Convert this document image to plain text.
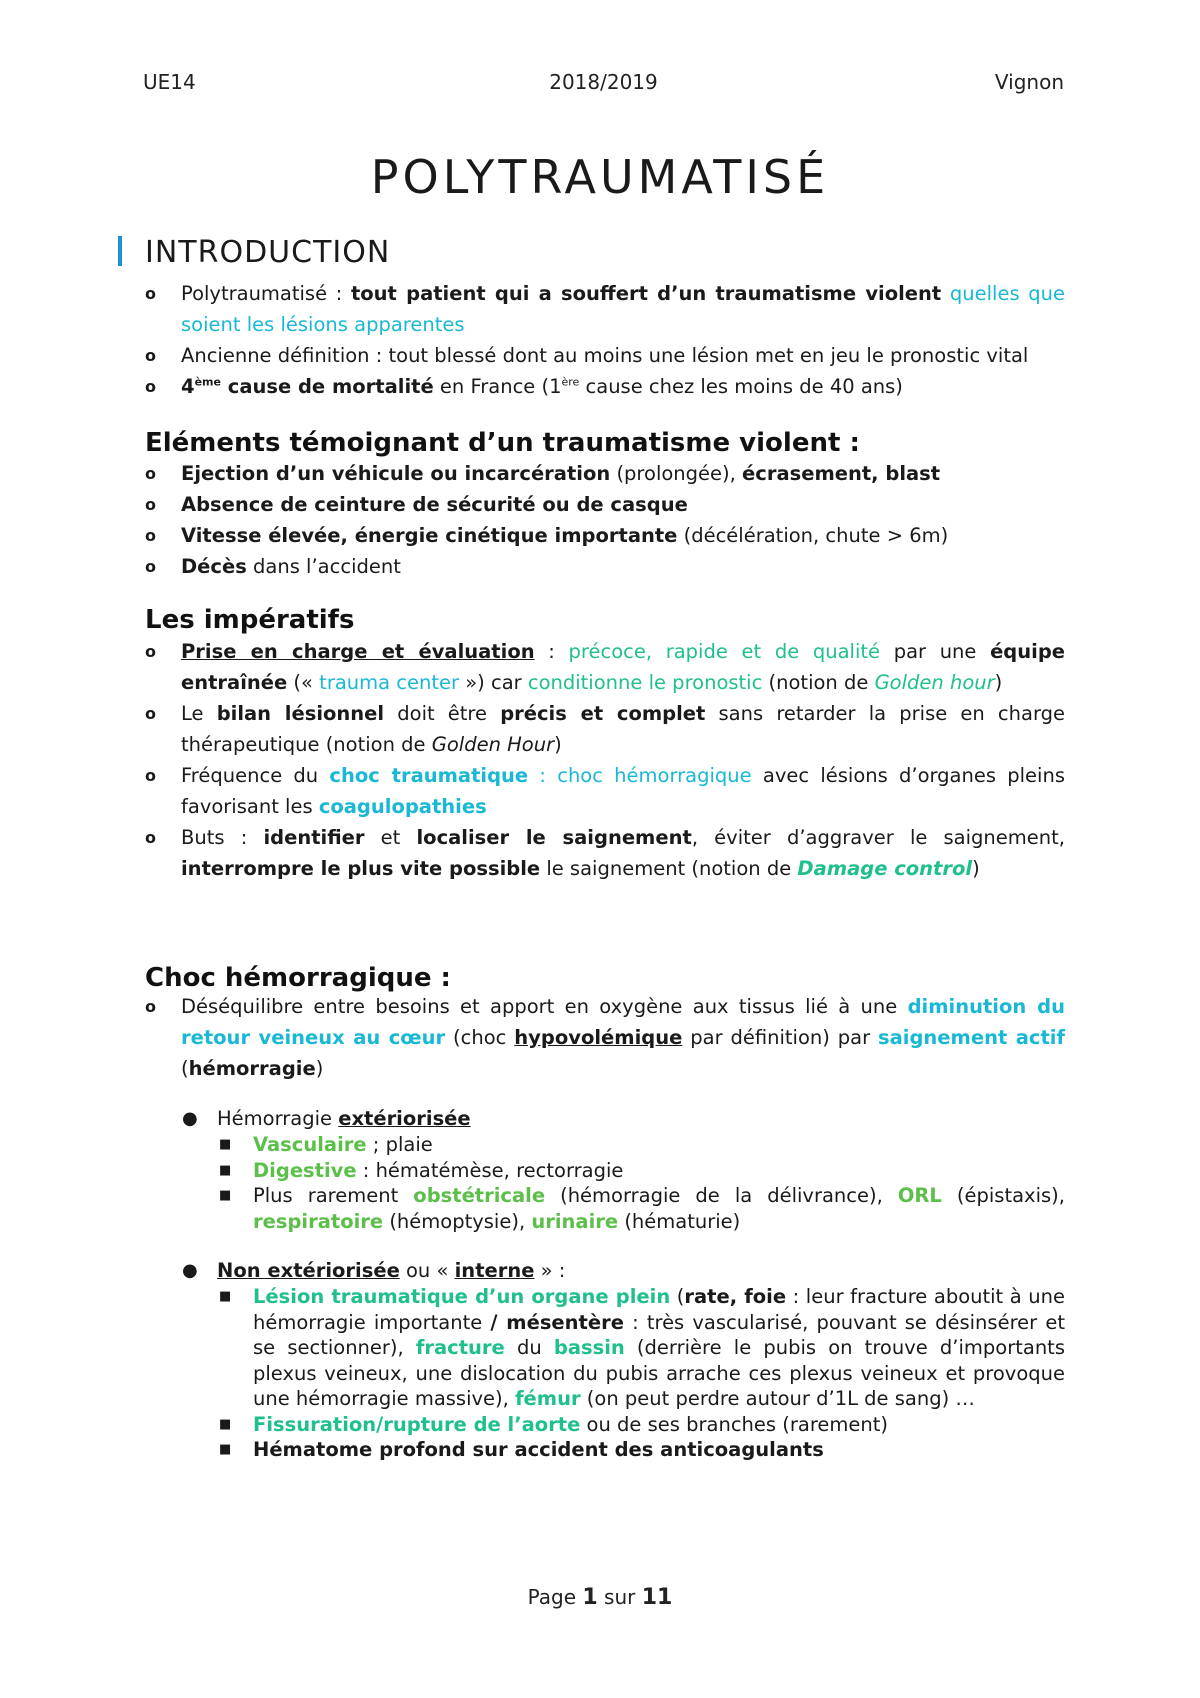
UE14	2018/2019	Vignon
POLYTRAUMATISÉ
INTRODUCTION
o Polytraumatisé : tout patient qui a souffert d’un traumatisme violent quelles que soient les lésions apparentes
o Ancienne définition : tout blessé dont au moins une lésion met en jeu le pronostic vital
o 4ème cause de mortalité en France (1ère cause chez les moins de 40 ans)
Eléments témoignant d’un traumatisme violent :
o Ejection d’un véhicule ou incarcération (prolongée), écrasement, blast
o Absence de ceinture de sécurité ou de casque
o Vitesse élevée, énergie cinétique importante (décélération, chute > 6m)
o Décès dans l’accident
Les impératifs
o Prise en charge et évaluation : précoce, rapide et de qualité par une équipe entraînée (« trauma center ») car conditionne le pronostic (notion de Golden hour)
o Le bilan lésionnel doit être précis et complet sans retarder la prise en charge thérapeutique (notion de Golden Hour)
o Fréquence du choc traumatique : choc hémorragique avec lésions d’organes pleins favorisant les coagulopathies
o Buts : identifier et localiser le saignement, éviter d’aggraver le saignement, interrompre le plus vite possible le saignement (notion de Damage control)
Choc hémorragique :
o Déséquilibre entre besoins et apport en oxygène aux tissus lié à une diminution du retour veineux au cœur (choc hypovolémique par définition) par saignement actif (hémorragie)
● Hémorragie extériorisée
■ Vasculaire ; plaie
■ Digestive : hématémèse, rectorragie
■ Plus rarement obstétricale (hémorragie de la délivrance), ORL (épistaxis), respiratoire (hémoptysie), urinaire (hématurie)
● Non extériorisée ou « interne » :
■ Lésion traumatique d’un organe plein (rate, foie : leur fracture aboutit à une hémorragie importante / mésentère : très vascularisé, pouvant se désinsérer et se sectionner), fracture du bassin (derrière le pubis on trouve d’importants plexus veineux, une dislocation du pubis arrache ces plexus veineux et provoque une hémorragie massive), fémur (on peut perdre autour d’1L de sang) …
■ Fissuration/rupture de l’aorte ou de ses branches (rarement)
■ Hématome profond sur accident des anticoagulants
Page 1 sur 11
